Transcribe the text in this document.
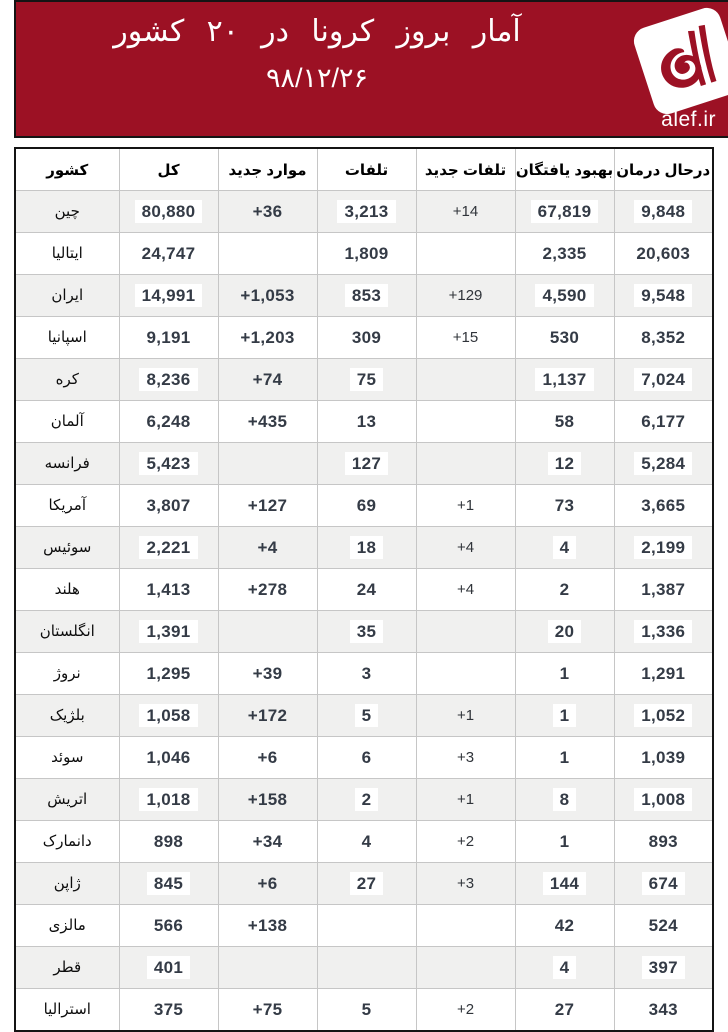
آمار بروز کرونا در ۲۰ کشور
۹۸/۱۲/۲۶
alef.ir
کشور	کل	موارد جدید	تلفات	تلفات جدید	بهبود یافتگان	درحال درمان
چین	80,880	+36	3,213	+14	67,819	9,848
ایتالیا	24,747		1,809		2,335	20,603
ایران	14,991	+1,053	853	+129	4,590	9,548
اسپانیا	9,191	+1,203	309	+15	530	8,352
کره	8,236	+74	75		1,137	7,024
آلمان	6,248	+435	13		58	6,177
فرانسه	5,423		127		12	5,284
آمریکا	3,807	+127	69	+1	73	3,665
سوئیس	2,221	+4	18	+4	4	2,199
هلند	1,413	+278	24	+4	2	1,387
انگلستان	1,391		35		20	1,336
نروژ	1,295	+39	3		1	1,291
بلژیک	1,058	+172	5	+1	1	1,052
سوئد	1,046	+6	6	+3	1	1,039
اتریش	1,018	+158	2	+1	8	1,008
دانمارک	898	+34	4	+2	1	893
ژاپن	845	+6	27	+3	144	674
مالزی	566	+138			42	524
قطر	401				4	397
استرالیا	375	+75	5	+2	27	343
